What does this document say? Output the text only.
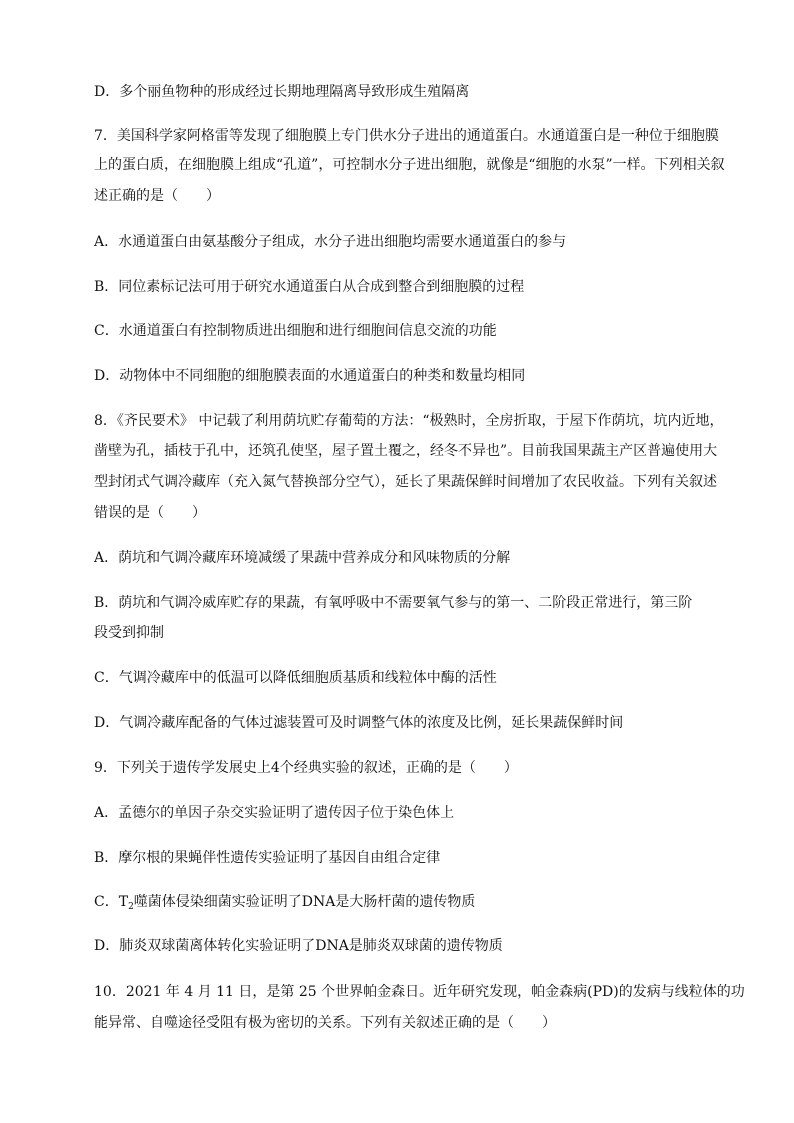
D．多个丽鱼物种的形成经过长期地理隔离导致形成生殖隔离
7．美国科学家阿格雷等发现了细胞膜上专门供水分子进出的通道蛋白。水通道蛋白是一种位于细胞膜
上的蛋白质，在细胞膜上组成“孔道”，可控制水分子进出细胞，就像是“细胞的水泵”一样。下列相关叙
述正确的是（　　）
A．水通道蛋白由氨基酸分子组成，水分子进出细胞均需要水通道蛋白的参与
B．同位素标记法可用于研究水通道蛋白从合成到整合到细胞膜的过程
C．水通道蛋白有控制物质进出细胞和进行细胞间信息交流的功能
D．动物体中不同细胞的细胞膜表面的水通道蛋白的种类和数量均相同
8．《齐民要术》 中记载了利用荫坑贮存葡萄的方法：“极熟时，全房折取，于屋下作荫坑，坑内近地，
凿壁为孔，插枝于孔中，还筑孔使坚，屋子置土覆之，经冬不异也”。目前我国果蔬主产区普遍使用大
型封闭式气调冷藏库（充入氮气替换部分空气），延长了果蔬保鲜时间增加了农民收益。下列有关叙述
错误的是（　　）
A．荫坑和气调冷藏库环境减缓了果蔬中营养成分和风味物质的分解
B．荫坑和气调冷威库贮存的果蔬，有氧呼吸中不需要氧气参与的第一、二阶段正常进行，第三阶
段受到抑制
C．气调冷藏库中的低温可以降低细胞质基质和线粒体中酶的活性
D．气调冷藏库配备的气体过滤装置可及时调整气体的浓度及比例，延长果蔬保鲜时间
9．下列关于遗传学发展史上4个经典实验的叙述，正确的是（　　）
A．孟德尔的单因子杂交实验证明了遗传因子位于染色体上
B．摩尔根的果蝇伴性遗传实验证明了基因自由组合定律
C．$T_2$噬菌体侵染细菌实验证明了DNA是大肠杆菌的遗传物质
D．肺炎双球菌离体转化实验证明了DNA是肺炎双球菌的遗传物质
10．2021 年 4 月 11 日，是第 25 个世界帕金森日。近年研究发现，帕金森病(PD)的发病与线粒体的功
能异常、自噬途径受阻有极为密切的关系。下列有关叙述正确的是（　　）
